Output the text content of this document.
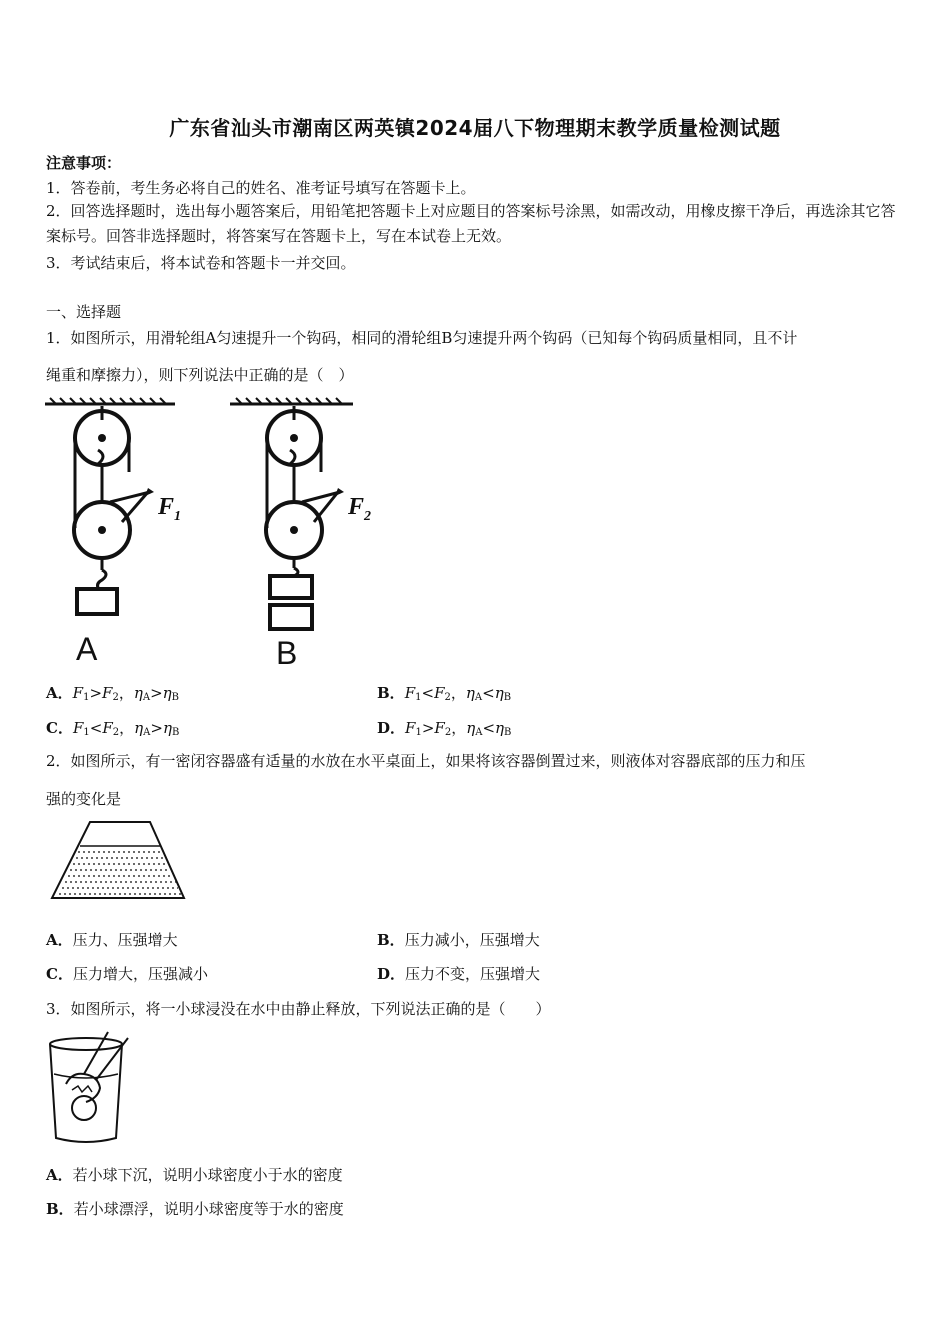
广东省汕头市潮南区两英镇2024届八下物理期末教学质量检测试题
注意事项：
1．答卷前，考生务必将自己的姓名、准考证号填写在答题卡上。
2．回答选择题时，选出每小题答案后，用铅笔把答题卡上对应题目的答案标号涂黑，如需改动，用橡皮擦干净后，再选涂其它答案标号。回答非选择题时，将答案写在答题卡上，写在本试卷上无效。
3．考试结束后，将本试卷和答题卡一并交回。
一、选择题
1．如图所示，用滑轮组A匀速提升一个钩码，相同的滑轮组B匀速提升两个钩码（已知每个钩码质量相同，且不计
绳重和摩擦力），则下列说法中正确的是（　）
$F_1$
A
$F_2$
B
A．$F_1>F_2$，$\eta_A>\eta_B$	B．$F_1<F_2$，$\eta_A<\eta_B$
C．$F_1<F_2$，$\eta_A>\eta_B$	D．$F_1>F_2$，$\eta_A<\eta_B$
2．如图所示，有一密闭容器盛有适量的水放在水平桌面上，如果将该容器倒置过来，则液体对容器底部的压力和压
强的变化是
A．压力、压强增大	B．压力减小，压强增大
C．压力增大，压强减小	D．压力不变，压强增大
3．如图所示，将一小球浸没在水中由静止释放，下列说法正确的是（　　）
A．若小球下沉，说明小球密度小于水的密度
B．若小球漂浮，说明小球密度等于水的密度
